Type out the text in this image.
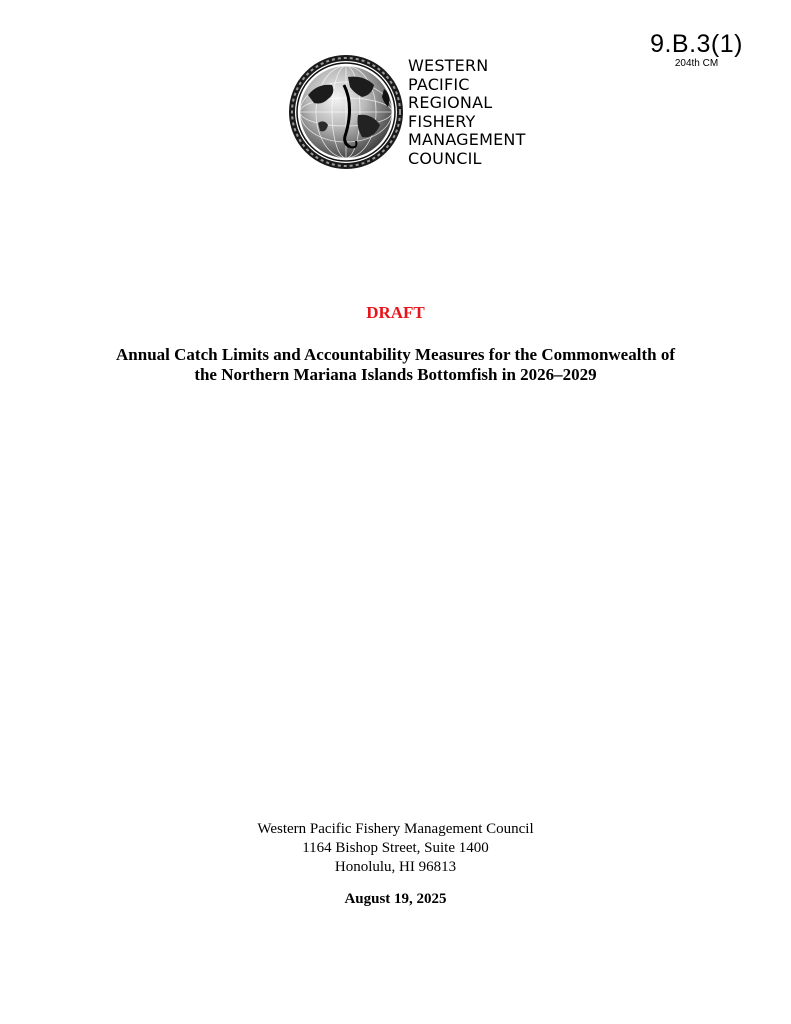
9.B.3(1)
204th CM
WESTERN
PACIFIC
REGIONAL
FISHERY
MANAGEMENT
COUNCIL
DRAFT
Annual Catch Limits and Accountability Measures for the Commonwealth of
the Northern Mariana Islands Bottomfish in 2026–2029
Western Pacific Fishery Management Council
1164 Bishop Street, Suite 1400
Honolulu, HI 96813
August 19, 2025
